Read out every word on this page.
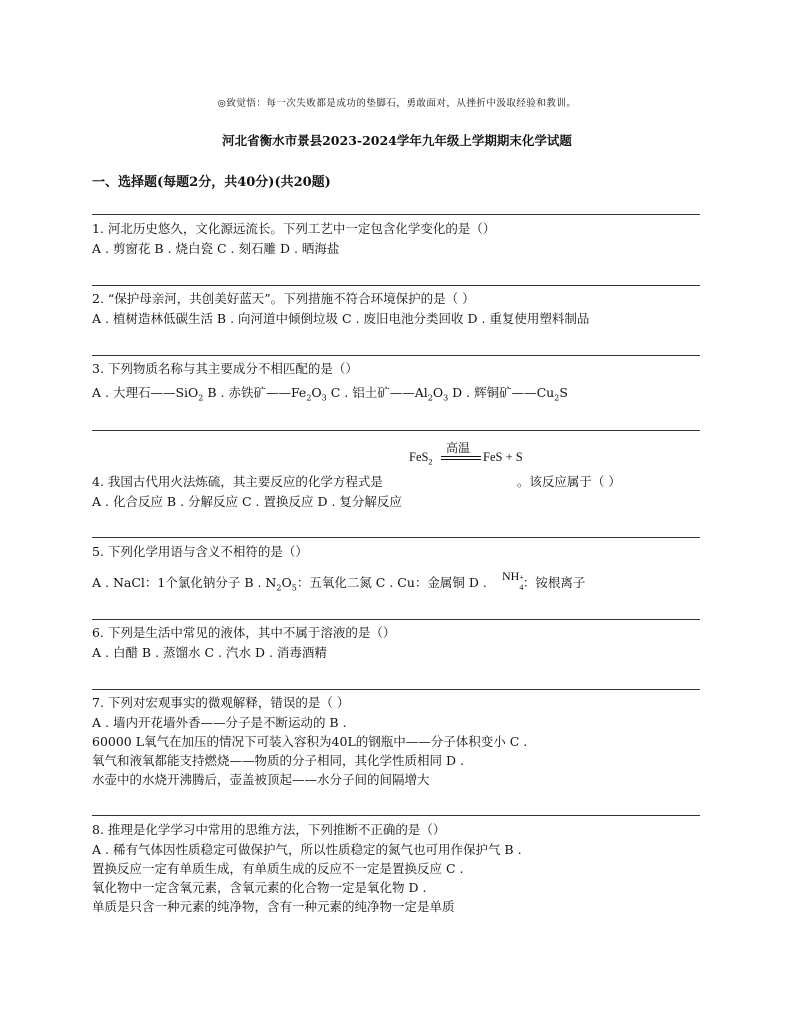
◎致觉悟：每一次失败都是成功的垫脚石，勇敢面对，从挫折中汲取经验和教训。
河北省衡水市景县2023-2024学年九年级上学期期末化学试题
一、选择题(每题2分，共40分)(共20题)
1. 河北历史悠久，文化源远流长。下列工艺中一定包含化学变化的是（）
A . 剪窗花 B . 烧白瓷 C . 刻石雕 D . 晒海盐
2. “保护母亲河，共创美好蓝天”。下列措施不符合环境保护的是（ ）
A . 植树造林低碳生活 B . 向河道中倾倒垃圾 C . 废旧电池分类回收 D . 重复使用塑料制品
3. 下列物质名称与其主要成分不相匹配的是（）
A . 大理石——SiO$_2$ B . 赤铁矿$——Fe_2O_3$ C . 铝土矿$——Al_2O_3$ D . 辉铜矿$——Cu_2S$
FeS$_2$
高温
FeS + S
4. 我国古代用火法炼硫，其主要反应的化学方程式是	。该反应属于（ ）
A . 化合反应 B . 分解反应 C . 置换反应 D . 复分解反应
5. 下列化学用语与含义不相符的是（）
NH +
4
A . NaCl：1个氯化钠分子 B . $N_2O_5$：五氧化二氮 C . Cu：金属铜 D .	：铵根离子
6. 下列是生活中常见的液体，其中不属于溶液的是（）
A . 白醋 B . 蒸馏水 C . 汽水 D . 消毒酒精
7. 下列对宏观事实的微观解释，错误的是（ ）
A . 墙内开花墙外香——分子是不断运动的 B .
60000 L氧气在加压的情况下可装入容积为40L的钢瓶中——分子体积变小 C .
氧气和液氧都能支持燃烧——物质的分子相同，其化学性质相同 D .
水壶中的水烧开沸腾后，壶盖被顶起——水分子间的间隔增大
8. 推理是化学学习中常用的思维方法，下列推断不正确的是（）
A . 稀有气体因性质稳定可做保护气，所以性质稳定的氮气也可用作保护气 B .
置换反应一定有单质生成，有单质生成的反应不一定是置换反应 C .
氧化物中一定含氧元素，含氧元素的化合物一定是氧化物 D .
单质是只含一种元素的纯净物，含有一种元素的纯净物一定是单质
